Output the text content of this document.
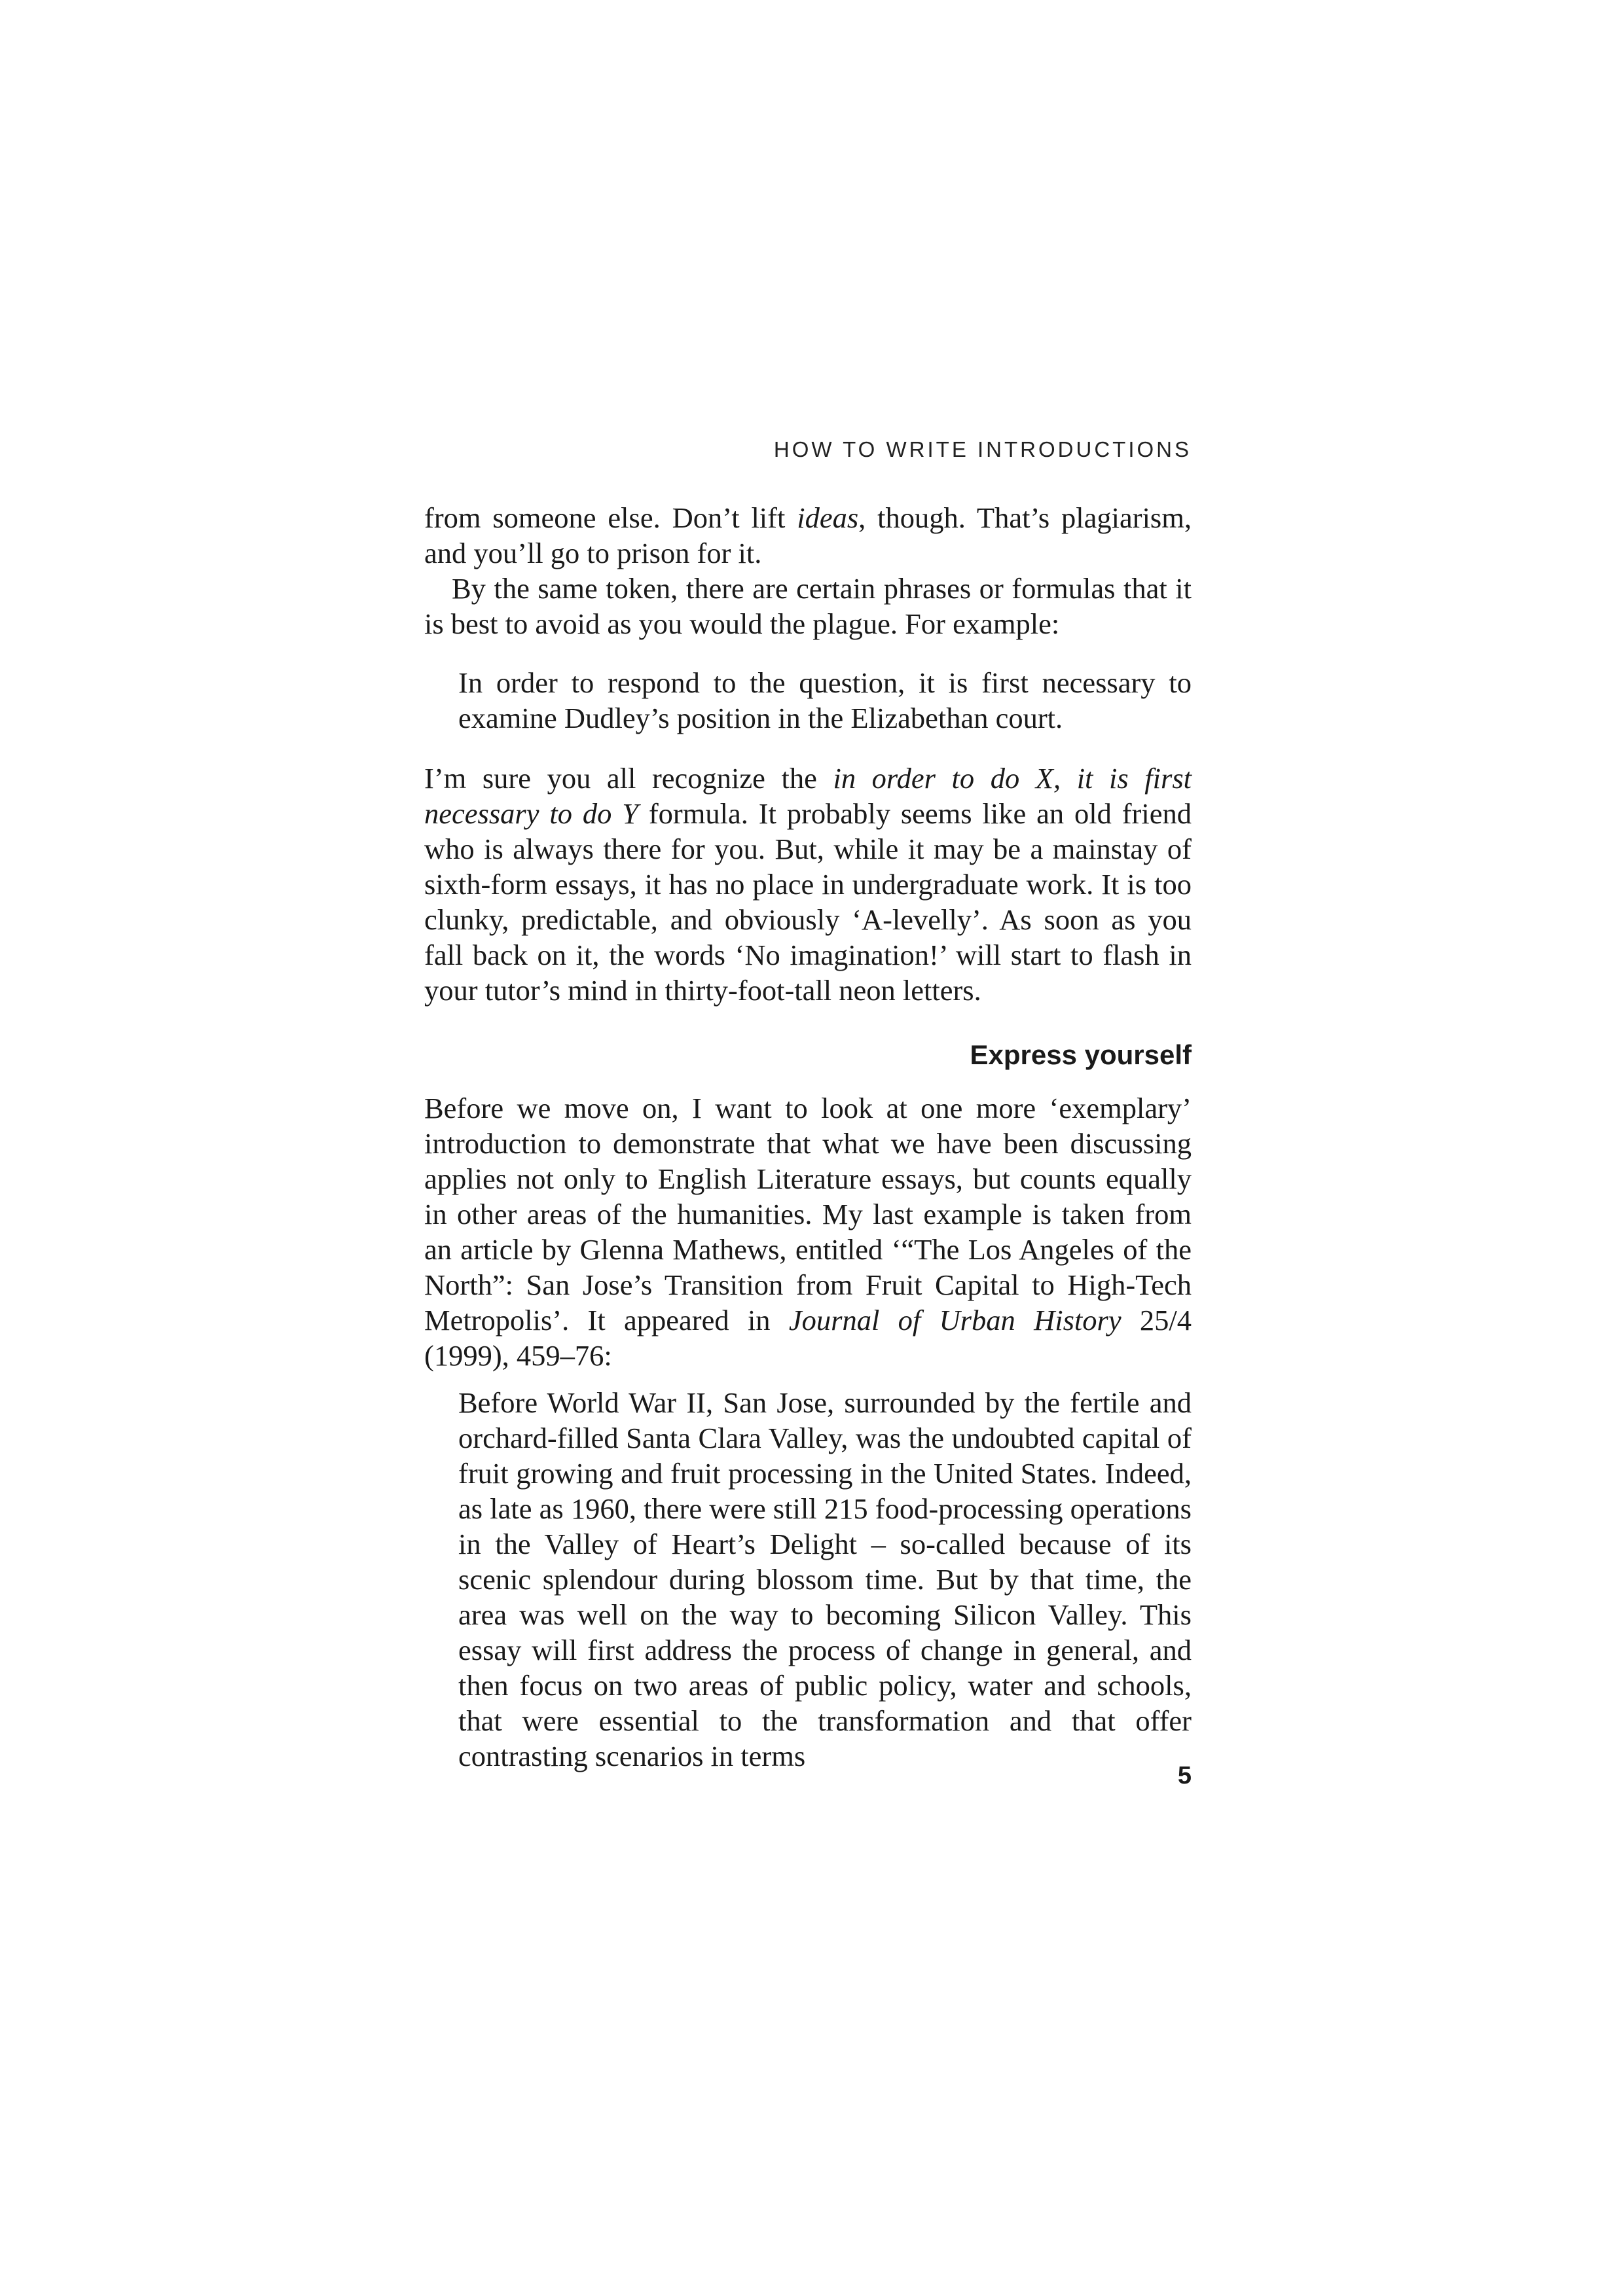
HOW TO WRITE INTRODUCTIONS

from someone else. Don’t lift ideas, though. That’s plagiarism, and you’ll go to prison for it.

By the same token, there are certain phrases or formulas that it is best to avoid as you would the plague. For example:

In order to respond to the question, it is first necessary to examine Dudley’s position in the Elizabethan court.

I’m sure you all recognize the in order to do X, it is first necessary to do Y formula. It probably seems like an old friend who is always there for you. But, while it may be a mainstay of sixth-form essays, it has no place in undergraduate work. It is too clunky, predictable, and obviously ‘A-levelly’. As soon as you fall back on it, the words ‘No imagination!’ will start to flash in your tutor’s mind in thirty-foot-tall neon letters.

Express yourself

Before we move on, I want to look at one more ‘exemplary’ introduction to demonstrate that what we have been discussing applies not only to English Literature essays, but counts equally in other areas of the humanities. My last example is taken from an article by Glenna Mathews, entitled ‘“The Los Angeles of the North”: San Jose’s Transition from Fruit Capital to High-Tech Metropolis’. It appeared in Journal of Urban History 25/4 (1999), 459–76:

Before World War II, San Jose, surrounded by the fertile and orchard-filled Santa Clara Valley, was the undoubted capital of fruit growing and fruit processing in the United States. Indeed, as late as 1960, there were still 215 food-processing operations in the Valley of Heart’s Delight – so-called because of its scenic splendour during blossom time. But by that time, the area was well on the way to becoming Silicon Valley. This essay will first address the process of change in general, and then focus on two areas of public policy, water and schools, that were essential to the transformation and that offer contrasting scenarios in terms

5
